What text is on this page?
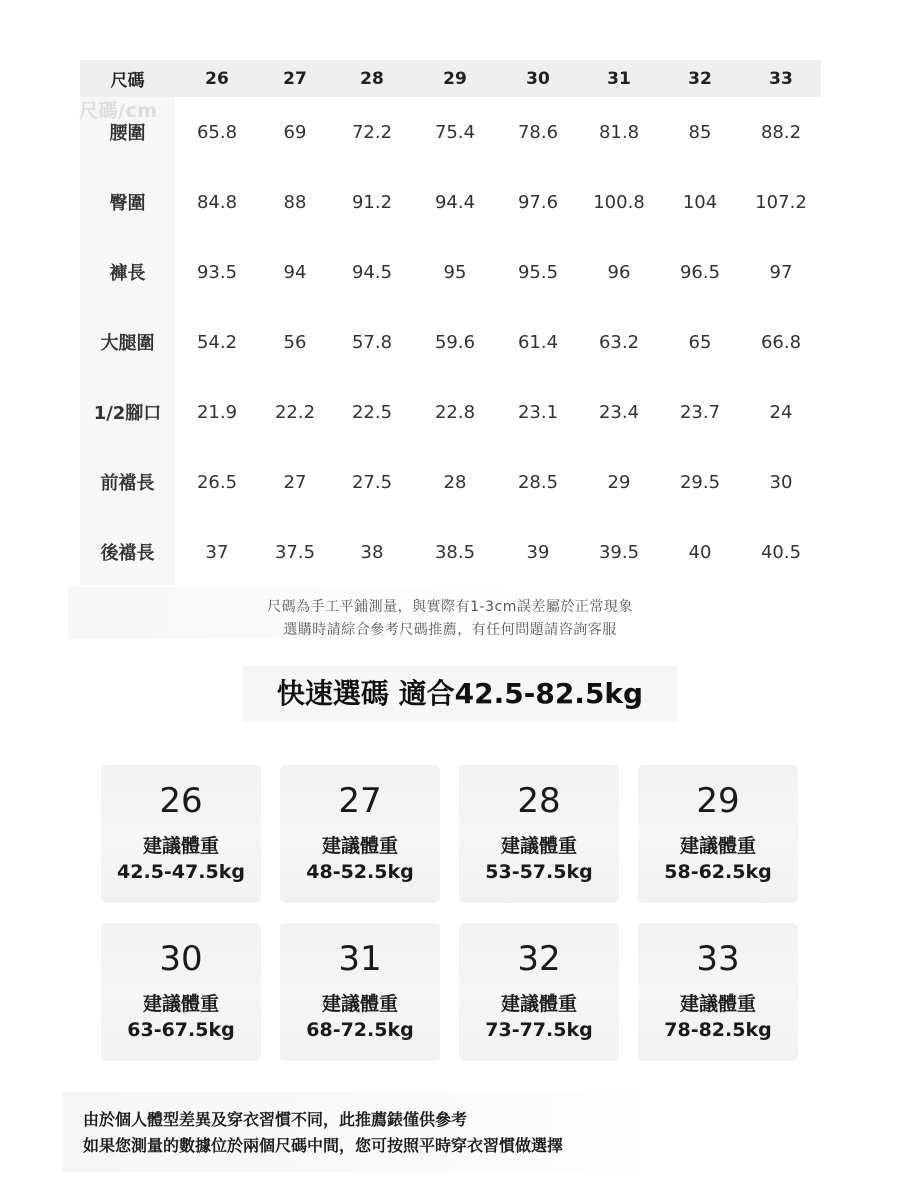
尺碼	26	27	28	29	30	31	32	33
腰圍	65.8	69	72.2	75.4	78.6	81.8	85	88.2
臀圍	84.8	88	91.2	94.4	97.6	100.8	104	107.2
褲長	93.5	94	94.5	95	95.5	96	96.5	97
大腿圍	54.2	56	57.8	59.6	61.4	63.2	65	66.8
1/2腳口	21.9	22.2	22.5	22.8	23.1	23.4	23.7	24
前襠長	26.5	27	27.5	28	28.5	29	29.5	30
後襠長	37	37.5	38	38.5	39	39.5	40	40.5
尺碼/cm
尺碼為手工平鋪測量，與實際有1-3cm誤差屬於正常現象
選購時請綜合參考尺碼推薦，有任何問題請咨詢客服
快速選碼 適合42.5-82.5kg
26
建議體重
42.5-47.5kg
27
建議體重
48-52.5kg
28
建議體重
53-57.5kg
29
建議體重
58-62.5kg
30
建議體重
63-67.5kg
31
建議體重
68-72.5kg
32
建議體重
73-77.5kg
33
建議體重
78-82.5kg
由於個人體型差異及穿衣習慣不同，此推薦錶僅供參考
如果您測量的數據位於兩個尺碼中間，您可按照平時穿衣習慣做選擇
